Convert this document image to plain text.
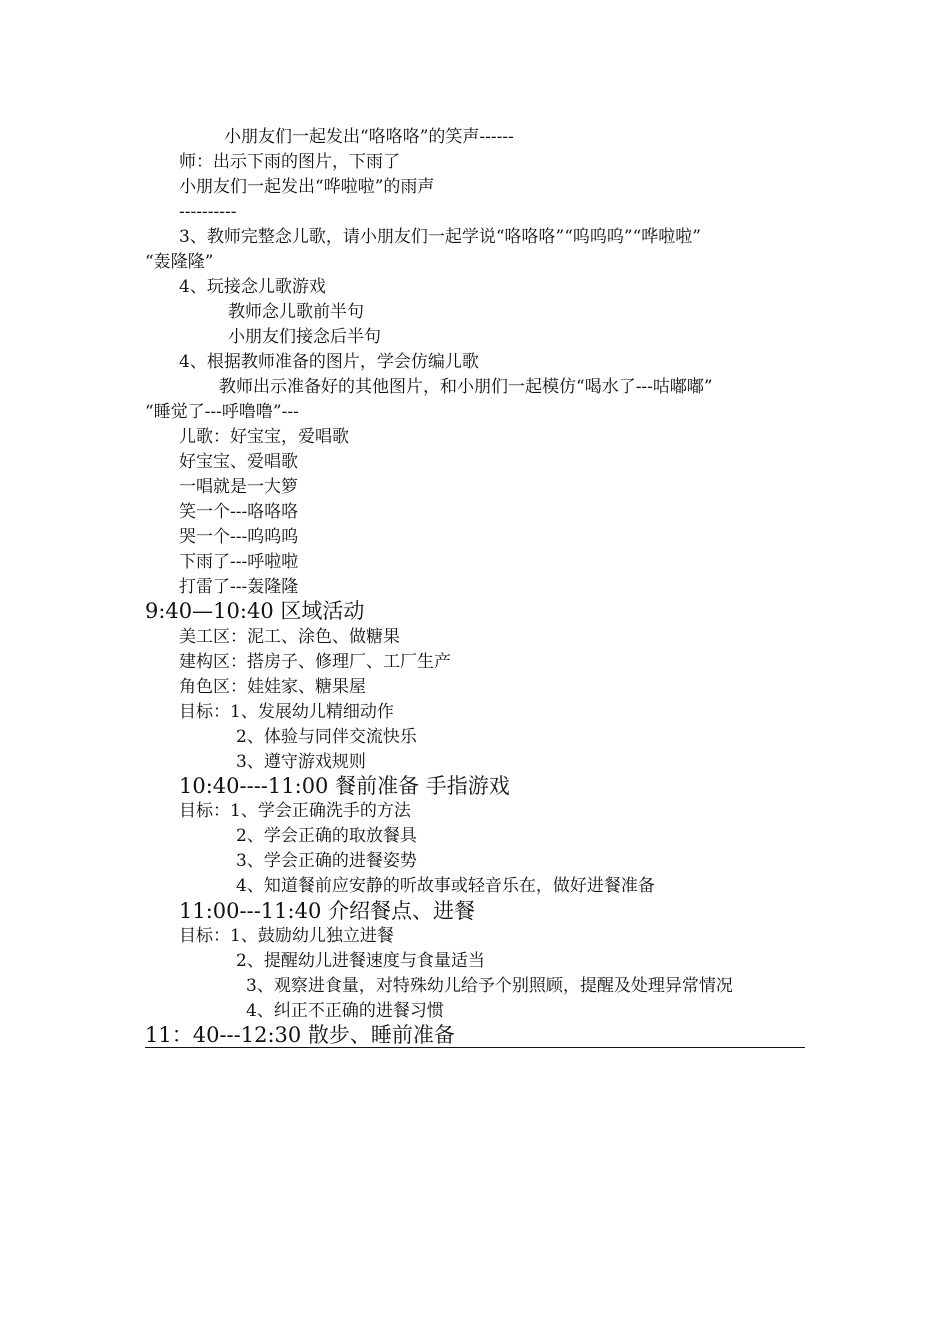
小朋友们一起发出“咯咯咯”的笑声------
师：出示下雨的图片，下雨了
小朋友们一起发出“哗啦啦”的雨声
----------
3、教师完整念儿歌，请小朋友们一起学说“咯咯咯”“呜呜呜”“哗啦啦”
“轰隆隆”
4、玩接念儿歌游戏
教师念儿歌前半句
小朋友们接念后半句
4、根据教师准备的图片，学会仿编儿歌
教师出示准备好的其他图片，和小朋们一起模仿“喝水了---咕嘟嘟”
“睡觉了---呼噜噜”---
儿歌：好宝宝，爱唱歌
好宝宝、爱唱歌
一唱就是一大箩
笑一个---咯咯咯
哭一个---呜呜呜
下雨了---呼啦啦
打雷了---轰隆隆
9:40—10:40 区域活动
美工区：泥工、涂色、做糖果
建构区：搭房子、修理厂、工厂生产
角色区：娃娃家、糖果屋
目标：1、发展幼儿精细动作
2、体验与同伴交流快乐
3、遵守游戏规则
10:40----11:00 餐前准备 手指游戏
目标：1、学会正确洗手的方法
2、学会正确的取放餐具
3、学会正确的进餐姿势
4、知道餐前应安静的听故事或轻音乐在，做好进餐准备
11:00---11:40 介绍餐点、进餐
目标：1、鼓励幼儿独立进餐
2、提醒幼儿进餐速度与食量适当
3、观察进食量，对特殊幼儿给予个别照顾，提醒及处理异常情况
4、纠正不正确的进餐习惯
11：40---12:30 散步、睡前准备
